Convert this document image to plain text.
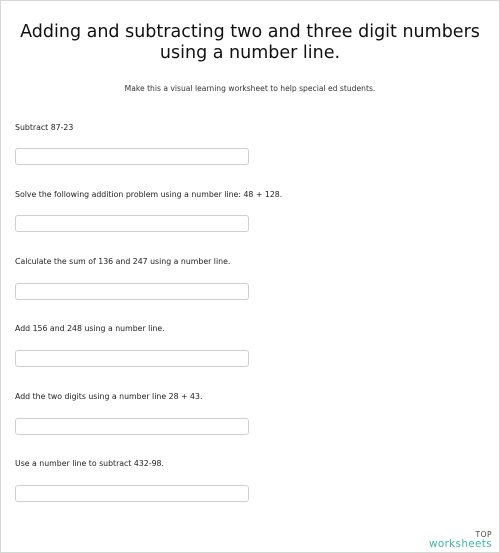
Adding and subtracting two and three digit numbers using a number line.
Make this a visual learning worksheet to help special ed students.
Subtract 87-23
Solve the following addition problem using a number line: 48 + 128.
Calculate the sum of 136 and 247 using a number line.
Add 156 and 248 using a number line.
Add the two digits using a number line 28 + 43.
Use a number line to subtract 432-98.
TOP
worksheets
